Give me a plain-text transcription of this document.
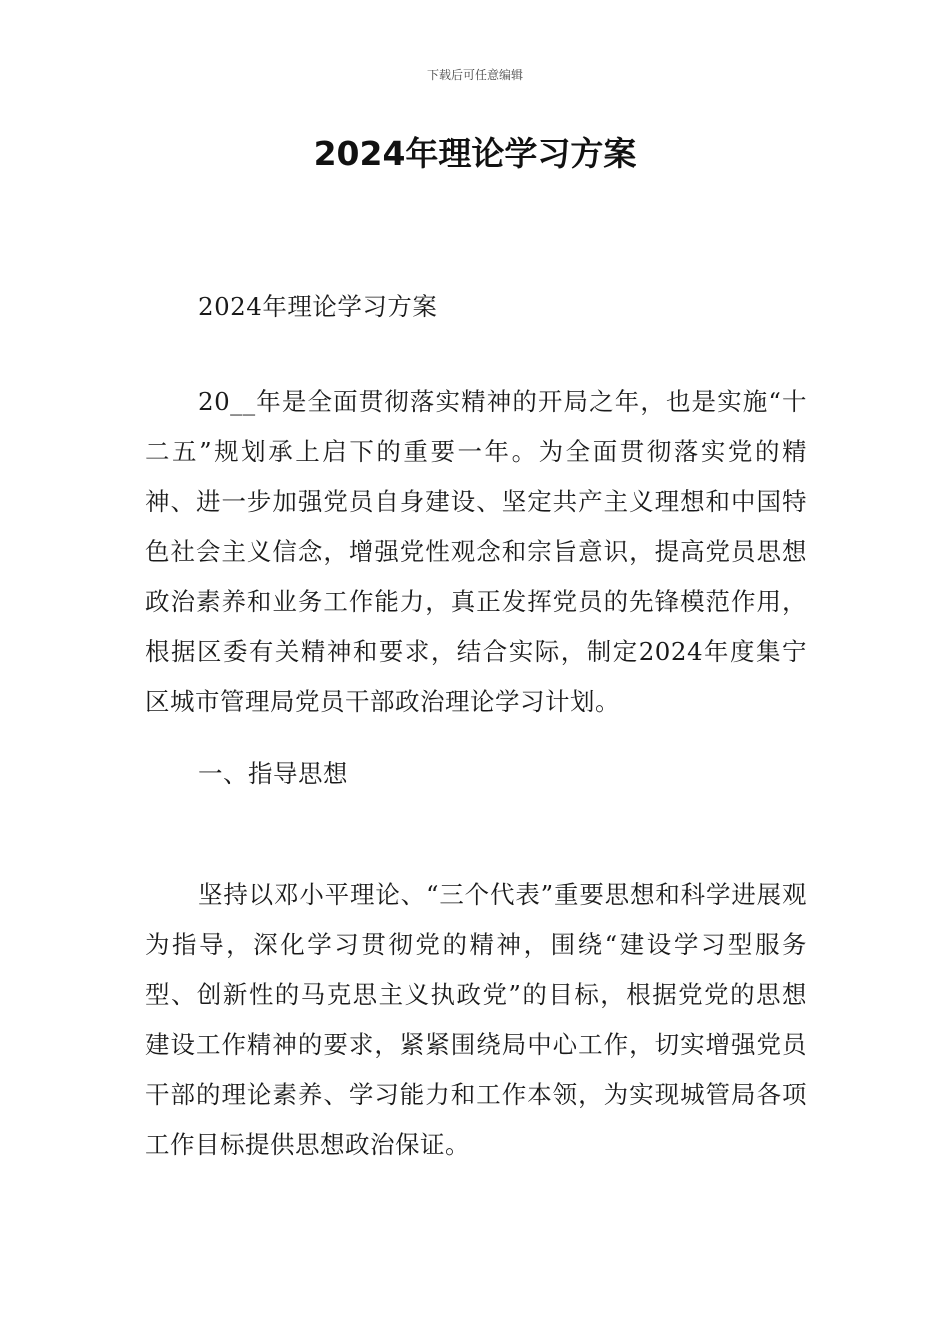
下载后可任意编辑
2024年理论学习方案

2024年理论学习方案

20__年是全面贯彻落实精神的开局之年，也是实施“十二五”规划承上启下的重要一年。为全面贯彻落实党的精神、进一步加强党员自身建设、坚定共产主义理想和中国特色社会主义信念，增强党性观念和宗旨意识，提高党员思想政治素养和业务工作能力，真正发挥党员的先锋模范作用，根据区委有关精神和要求，结合实际，制定2024年度集宁区城市管理局党员干部政治理论学习计划。

一、指导思想

坚持以邓小平理论、“三个代表”重要思想和科学进展观为指导，深化学习贯彻党的精神，围绕“建设学习型服务型、创新性的马克思主义执政党”的目标，根据党党的思想建设工作精神的要求，紧紧围绕局中心工作，切实增强党员干部的理论素养、学习能力和工作本领，为实现城管局各项工作目标提供思想政治保证。
